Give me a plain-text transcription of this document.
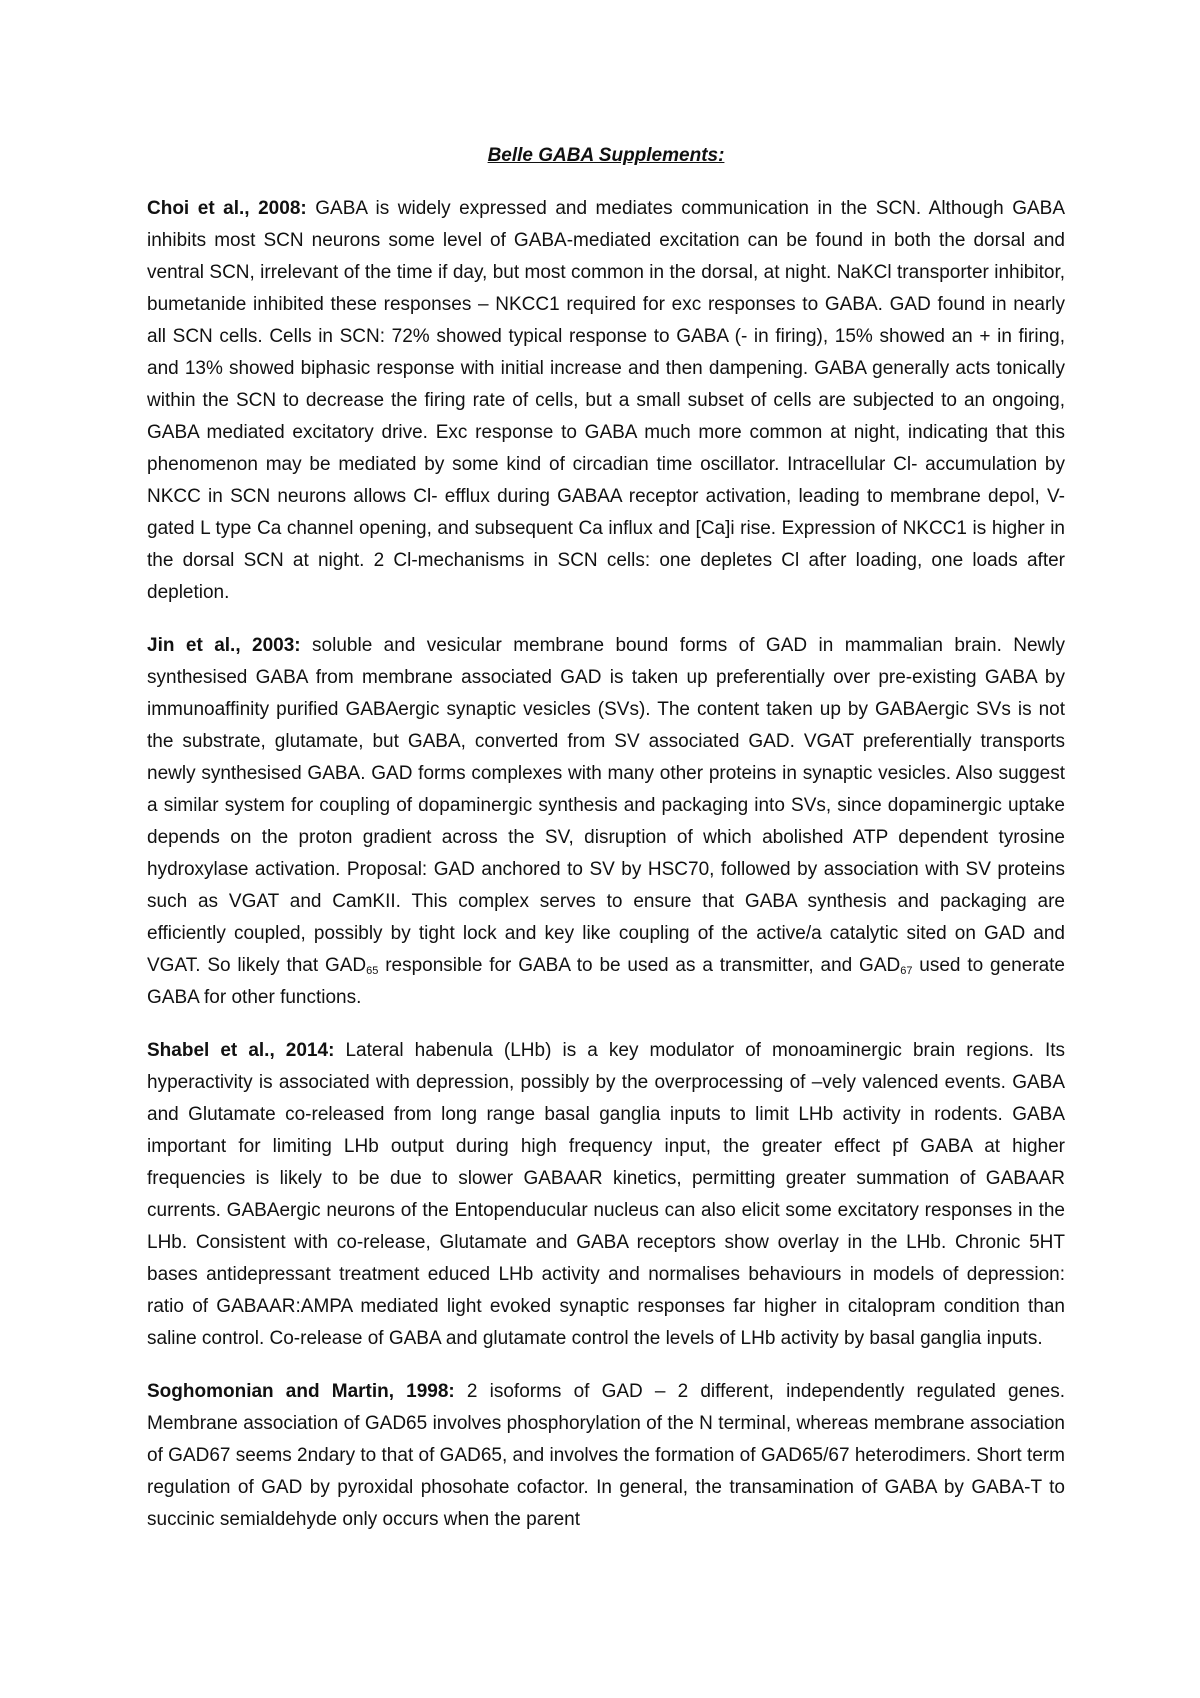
Belle GABA Supplements:

Choi et al., 2008: GABA is widely expressed and mediates communication in the SCN. Although GABA inhibits most SCN neurons some level of GABA-mediated excitation can be found in both the dorsal and ventral SCN, irrelevant of the time if day, but most common in the dorsal, at night. NaKCl transporter inhibitor, bumetanide inhibited these responses – NKCC1 required for exc responses to GABA. GAD found in nearly all SCN cells. Cells in SCN: 72% showed typical response to GABA (- in firing), 15% showed an + in firing, and 13% showed biphasic response with initial increase and then dampening. GABA generally acts tonically within the SCN to decrease the firing rate of cells, but a small subset of cells are subjected to an ongoing, GABA mediated excitatory drive. Exc response to GABA much more common at night, indicating that this phenomenon may be mediated by some kind of circadian time oscillator. Intracellular Cl- accumulation by NKCC in SCN neurons allows Cl- efflux during GABAA receptor activation, leading to membrane depol, V-gated L type Ca channel opening, and subsequent Ca influx and [Ca]i rise. Expression of NKCC1 is higher in the dorsal SCN at night. 2 Cl-mechanisms in SCN cells: one depletes Cl after loading, one loads after depletion.

Jin et al., 2003: soluble and vesicular membrane bound forms of GAD in mammalian brain. Newly synthesised GABA from membrane associated GAD is taken up preferentially over pre-existing GABA by immunoaffinity purified GABAergic synaptic vesicles (SVs). The content taken up by GABAergic SVs is not the substrate, glutamate, but GABA, converted from SV associated GAD. VGAT preferentially transports newly synthesised GABA. GAD forms complexes with many other proteins in synaptic vesicles. Also suggest a similar system for coupling of dopaminergic synthesis and packaging into SVs, since dopaminergic uptake depends on the proton gradient across the SV, disruption of which abolished ATP dependent tyrosine hydroxylase activation. Proposal: GAD anchored to SV by HSC70, followed by association with SV proteins such as VGAT and CamKII. This complex serves to ensure that GABA synthesis and packaging are efficiently coupled, possibly by tight lock and key like coupling of the active/a catalytic sited on GAD and VGAT. So likely that $GAD_{65}$ responsible for GABA to be used as a transmitter, and $GAD_{67}$ used to generate GABA for other functions.

Shabel et al., 2014: Lateral habenula (LHb) is a key modulator of monoaminergic brain regions. Its hyperactivity is associated with depression, possibly by the overprocessing of –vely valenced events. GABA and Glutamate co-released from long range basal ganglia inputs to limit LHb activity in rodents. GABA important for limiting LHb output during high frequency input, the greater effect pf GABA at higher frequencies is likely to be due to slower GABAAR kinetics, permitting greater summation of GABAAR currents. GABAergic neurons of the Entopenducular nucleus can also elicit some excitatory responses in the LHb. Consistent with co-release, Glutamate and GABA receptors show overlay in the LHb. Chronic 5HT bases antidepressant treatment educed LHb activity and normalises behaviours in models of depression: ratio of GABAAR:AMPA mediated light evoked synaptic responses far higher in citalopram condition than saline control. Co-release of GABA and glutamate control the levels of LHb activity by basal ganglia inputs.

Soghomonian and Martin, 1998: 2 isoforms of GAD – 2 different, independently regulated genes. Membrane association of GAD65 involves phosphorylation of the N terminal, whereas membrane association of GAD67 seems 2ndary to that of GAD65, and involves the formation of GAD65/67 heterodimers. Short term regulation of GAD by pyroxidal phosohate cofactor. In general, the transamination of GABA by GABA-T to succinic semialdehyde only occurs when the parent
